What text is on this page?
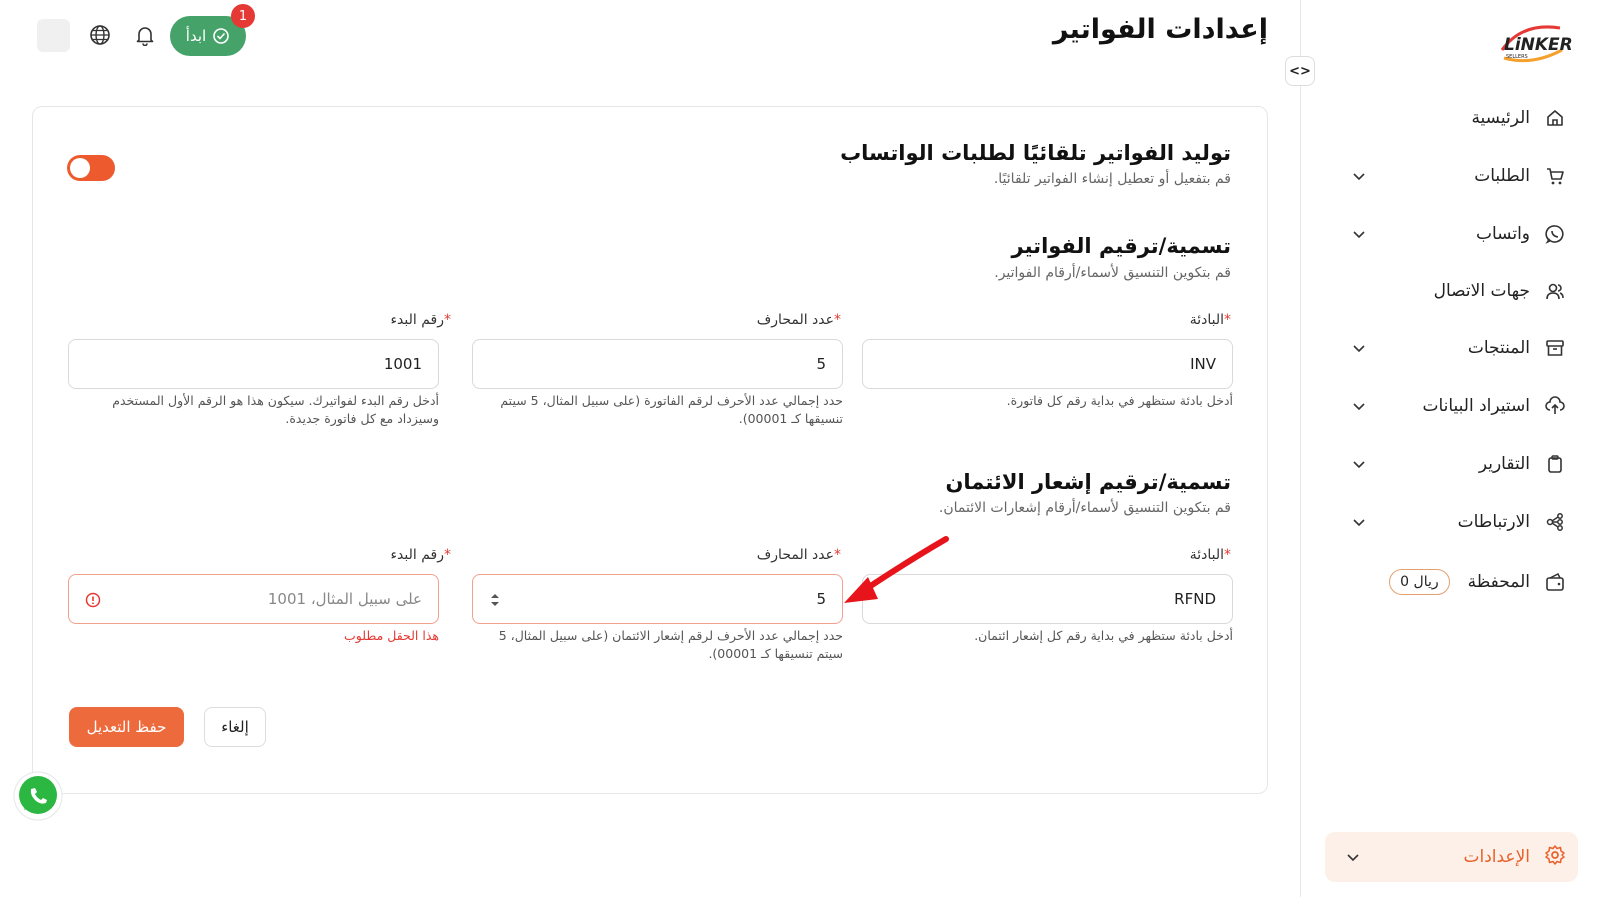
LiNKER
SELLERS
الرئيسية
الطلبات
واتساب
جهات الاتصال
المنتجات
استيراد البيانات
التقارير
الارتباطات
0 ريال	المحفظة
الإعدادات
<>
إعدادات الفواتير
ابدأ
1
توليد الفواتير تلقائيًا لطلبات الواتساب
قم بتفعيل أو تعطيل إنشاء الفواتير تلقائيًا.
تسمية/ترقيم الفواتير
قم بتكوين التنسيق لأسماء/أرقام الفواتير.
*البادئة
INV
أدخل بادئة ستظهر في بداية رقم كل فاتورة.
*عدد المحارف
5
حدد إجمالي عدد الأحرف لرقم الفاتورة (على سبيل المثال، 5 سيتم تنسيقها كـ 00001).
*رقم البدء
1001
أدخل رقم البدء لفواتيرك. سيكون هذا هو الرقم الأول المستخدم وسيزداد مع كل فاتورة جديدة.
تسمية/ترقيم إشعار الائتمان
قم بتكوين التنسيق لأسماء/أرقام إشعارات الائتمان.
*البادئة
RFND
أدخل بادئة ستظهر في بداية رقم كل إشعار ائتمان.
*عدد المحارف
5
حدد إجمالي عدد الأحرف لرقم إشعار الائتمان (على سبيل المثال، 5 سيتم تنسيقها كـ 00001).
*رقم البدء
على سبيل المثال، 1001
هذا الحقل مطلوب
إلغاء
حفظ التعديل
